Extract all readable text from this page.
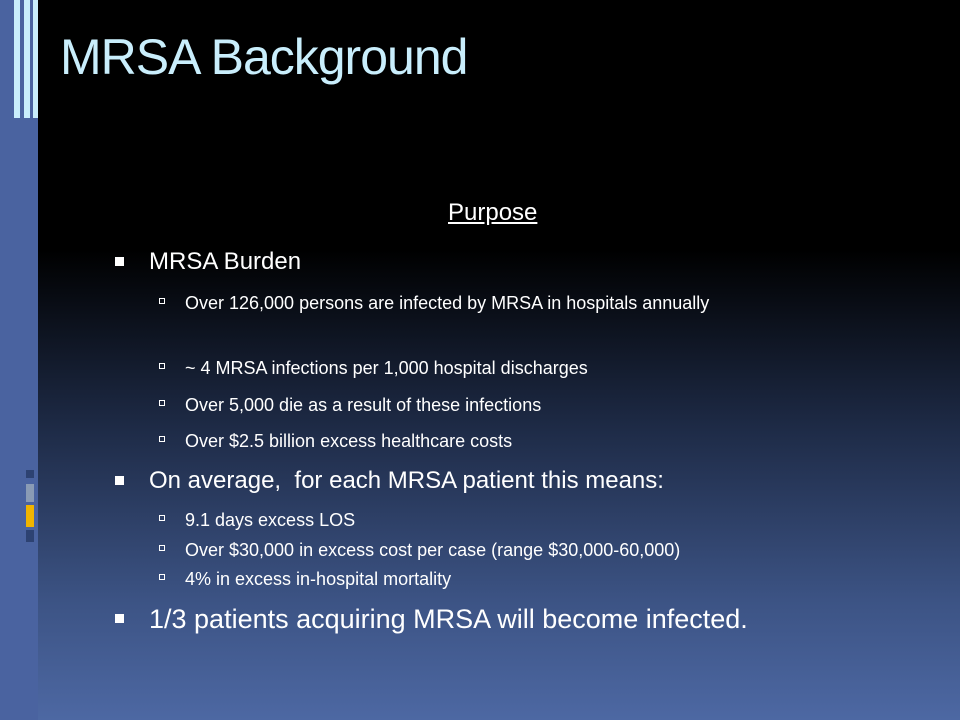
MRSA Background
Purpose
MRSA Burden
Over 126,000 persons are infected by MRSA in hospitals annually
~ 4 MRSA infections per 1,000 hospital discharges
Over 5,000 die as a result of these infections
Over $2.5 billion excess healthcare costs
On average,  for each MRSA patient this means:
9.1 days excess LOS
Over $30,000 in excess cost per case (range $30,000-60,000)
4% in excess in-hospital mortality
1/3 patients acquiring MRSA will become infected.
